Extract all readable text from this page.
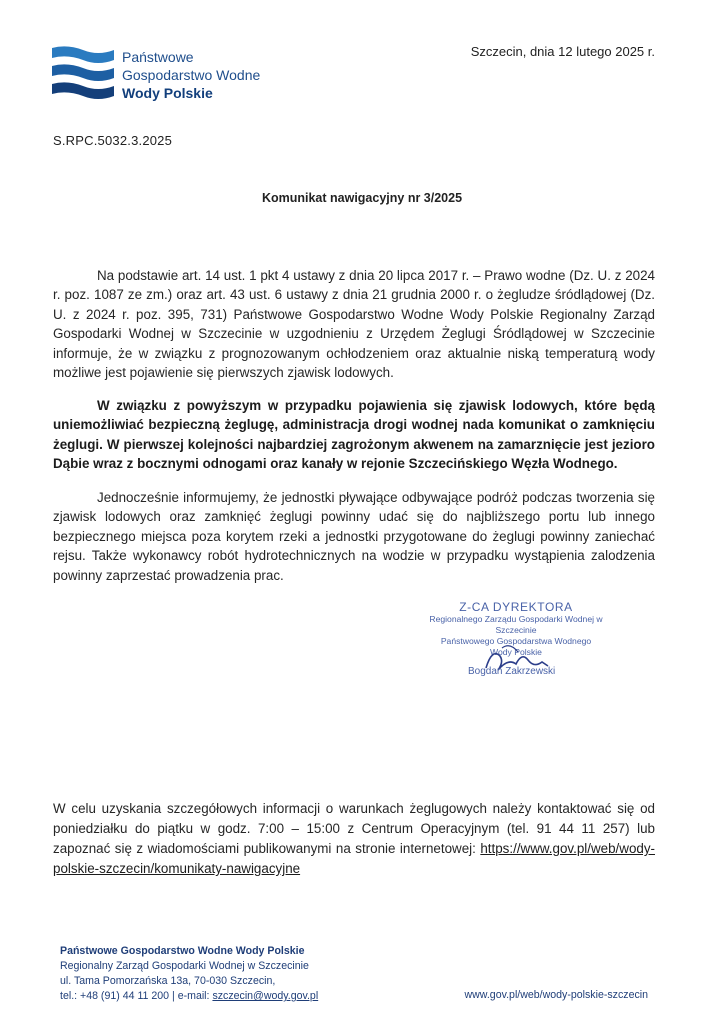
Państwowe
Gospodarstwo Wodne
Wody Polskie
Szczecin, dnia 12 lutego 2025 r.
S.RPC.5032.3.2025
Komunikat nawigacyjny nr 3/2025
Na podstawie art. 14 ust. 1 pkt 4 ustawy z dnia 20 lipca 2017 r. – Prawo wodne (Dz. U. z 2024 r. poz. 1087 ze zm.) oraz art. 43 ust. 6 ustawy z dnia 21 grudnia 2000 r. o żegludze śródlądowej (Dz. U. z 2024 r. poz. 395, 731) Państwowe Gospodarstwo Wodne Wody Polskie Regionalny Zarząd Gospodarki Wodnej w Szczecinie w uzgodnieniu z Urzędem Żeglugi Śródlądowej w Szczecinie informuje, że w związku z prognozowanym ochłodzeniem oraz aktualnie niską temperaturą wody możliwe jest pojawienie się pierwszych zjawisk lodowych.
W związku z powyższym w przypadku pojawienia się zjawisk lodowych, które będą uniemożliwiać bezpieczną żeglugę, administracja drogi wodnej nada komunikat o zamknięciu żeglugi. W pierwszej kolejności najbardziej zagrożonym akwenem na zamarznięcie jest jezioro Dąbie wraz z bocznymi odnogami oraz kanały w rejonie Szczecińskiego Węzła Wodnego.
Jednocześnie informujemy, że jednostki pływające odbywające podróż podczas tworzenia się zjawisk lodowych oraz zamknięć żeglugi powinny udać się do najbliższego portu lub innego bezpiecznego miejsca poza korytem rzeki a jednostki przygotowane do żeglugi powinny zaniechać rejsu. Także wykonawcy robót hydrotechnicznych na wodzie w przypadku wystąpienia zalodzenia powinny zaprzestać prowadzenia prac.
Z-CA DYREKTORA
Regionalnego Zarządu Gospodarki Wodnej w Szczecinie
Państwowego Gospodarstwa Wodnego
Wody Polskie
Bogdan Zakrzewski
W celu uzyskania szczegółowych informacji o warunkach żeglugowych należy kontaktować się od poniedziałku do piątku w godz. 7:00 – 15:00 z Centrum Operacyjnym (tel. 91 44 11 257) lub zapoznać się z wiadomościami publikowanymi na stronie internetowej: https://www.gov.pl/web/wody-polskie-szczecin/komunikaty-nawigacyjne
Państwowe Gospodarstwo Wodne Wody Polskie
Regionalny Zarząd Gospodarki Wodnej w Szczecinie
ul. Tama Pomorzańska 13a, 70-030 Szczecin,
tel.: +48 (91) 44 11 200 | e-mail: szczecin@wody.gov.pl	www.gov.pl/web/wody-polskie-szczecin
